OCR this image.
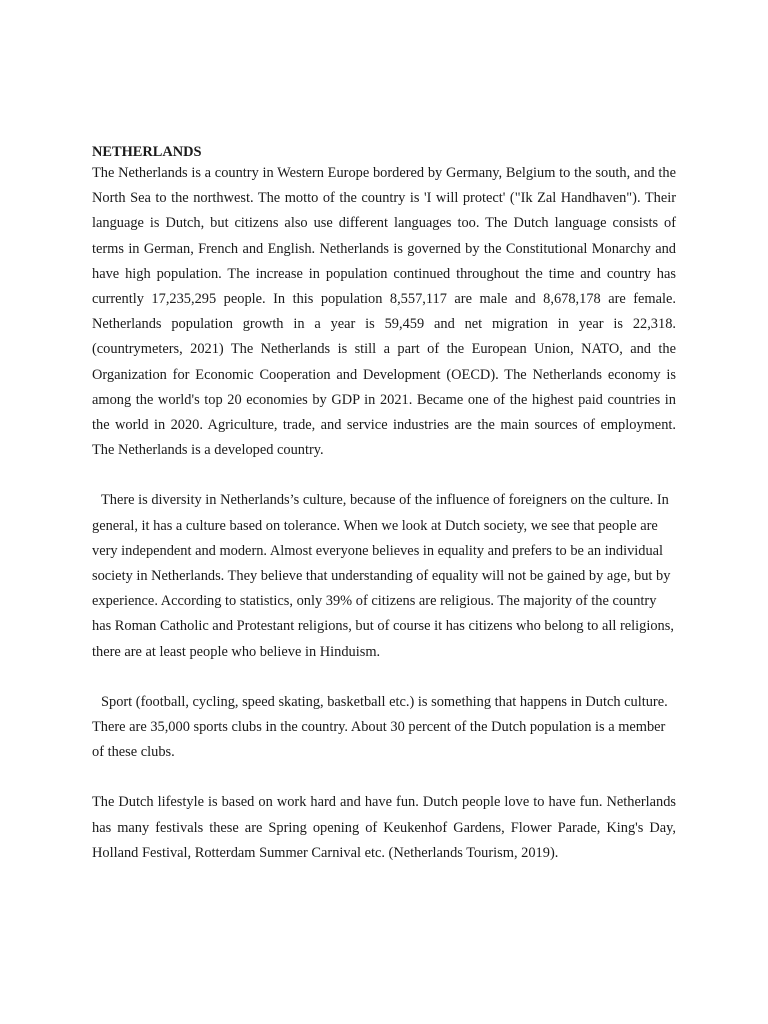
NETHERLANDS

The Netherlands is a country in Western Europe bordered by Germany, Belgium to the south, and the North Sea to the northwest. The motto of the country is 'I will protect' ("Ik Zal Handhaven"). Their language is Dutch, but citizens also use different languages too. The Dutch language consists of terms in German, French and English. Netherlands is governed by the Constitutional Monarchy and have high population. The increase in population continued throughout the time and country has currently 17,235,295 people. In this population 8,557,117 are male and 8,678,178 are female. Netherlands population growth in a year is 59,459 and net migration in year is 22,318. (countrymeters, 2021) The Netherlands is still a part of the European Union, NATO, and the Organization for Economic Cooperation and Development (OECD). The Netherlands economy is among the world's top 20 economies by GDP in 2021. Became one of the highest paid countries in the world in 2020. Agriculture, trade, and service industries are the main sources of employment. The Netherlands is a developed country.

There is diversity in Netherlands’s culture, because of the influence of foreigners on the culture. In general, it has a culture based on tolerance. When we look at Dutch society, we see that people are very independent and modern. Almost everyone believes in equality and prefers to be an individual society in Netherlands. They believe that understanding of equality will not be gained by age, but by experience. According to statistics, only 39% of citizens are religious. The majority of the country has Roman Catholic and Protestant religions, but of course it has citizens who belong to all religions, there are at least people who believe in Hinduism.

Sport (football, cycling, speed skating, basketball etc.) is something that happens in Dutch culture. There are 35,000 sports clubs in the country. About 30 percent of the Dutch population is a member of these clubs.

The Dutch lifestyle is based on work hard and have fun. Dutch people love to have fun. Netherlands has many festivals these are Spring opening of Keukenhof Gardens, Flower Parade, King's Day, Holland Festival, Rotterdam Summer Carnival etc. (Netherlands Tourism, 2019).
